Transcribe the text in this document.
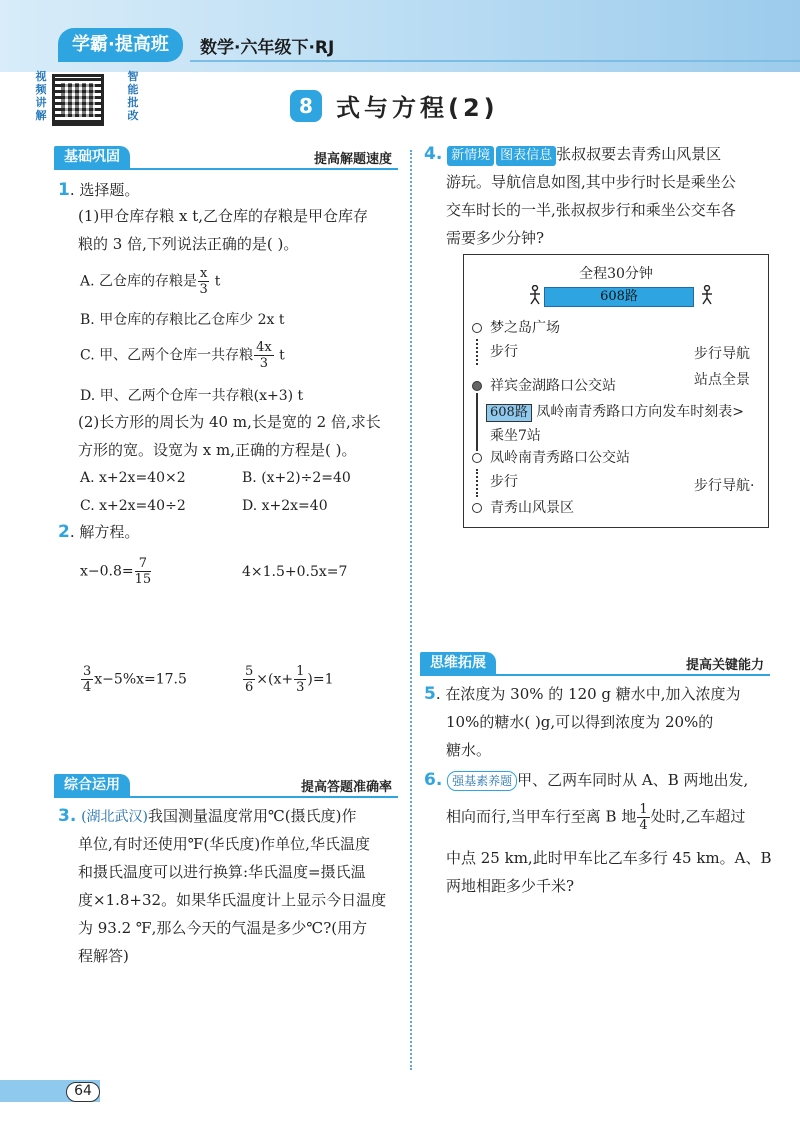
学霸·提高班	数学·六年级下·RJ
视频讲解
智能批改	8 式与方程(2)
基础巩固	提高解题速度
1. 选择题。
(1)甲仓库存粮 x t,乙仓库的存粮是甲仓库存
粮的 3 倍,下列说法正确的是( )。
A. 乙仓库的存粮是 $\frac{x}{3}$ t
B. 甲仓库的存粮比乙仓库少 2x t
C. 甲、乙两个仓库一共存粮 $\frac{4x}{3}$ t
D. 甲、乙两个仓库一共存粮(x+3) t
(2)长方形的周长为 40 m,长是宽的 2 倍,求长
方形的宽。设宽为 x m,正确的方程是( )。
A. x+2x=40×2	B. (x+2)÷2=40
C. x+2x=40÷2	D. x+2x=40
2. 解方程。
$x-0.8= \frac{7}{15}$	4×1.5+0.5x=7
$\frac{3}{4} x-5\%x=17.5$	$\frac{5}{6} \times(x+ \frac{1}{3} )=1$
综合运用	提高答题准确率
3. (湖北武汉)我国测量温度常用℃(摄氏度)作
单位,有时还使用℉(华氏度)作单位,华氏温度
和摄氏温度可以进行换算:华氏温度=摄氏温
度×1.8+32。如果华氏温度计上显示今日温度
为 93.2 ℉,那么今天的气温是多少℃?(用方
程解答)
4. 新情境 图表信息 张叔叔要去青秀山风景区
游玩。导航信息如图,其中步行时长是乘坐公
交车时长的一半,张叔叔步行和乘坐公交车各
需要多少分钟?
全程30分钟
608路
梦之岛广场
步行	步行导航
站点全景
祥宾金湖路口公交站
608路 凤岭南青秀路口方向发车时刻表>
乘坐7站
凤岭南青秀路口公交站
步行	步行导航·
青秀山风景区
思维拓展	提高关键能力
5. 在浓度为 30% 的 120 g 糖水中,加入浓度为
10%的糖水( )g,可以得到浓度为 20%的
糖水。
6. 强基素养题 甲、乙两车同时从 A、B 两地出发,
相向而行,当甲车行至离 B 地 $\frac{1}{4}$ 处时,乙车超过
中点 25 km,此时甲车比乙车多行 45 km。A、B
两地相距多少千米?
64
